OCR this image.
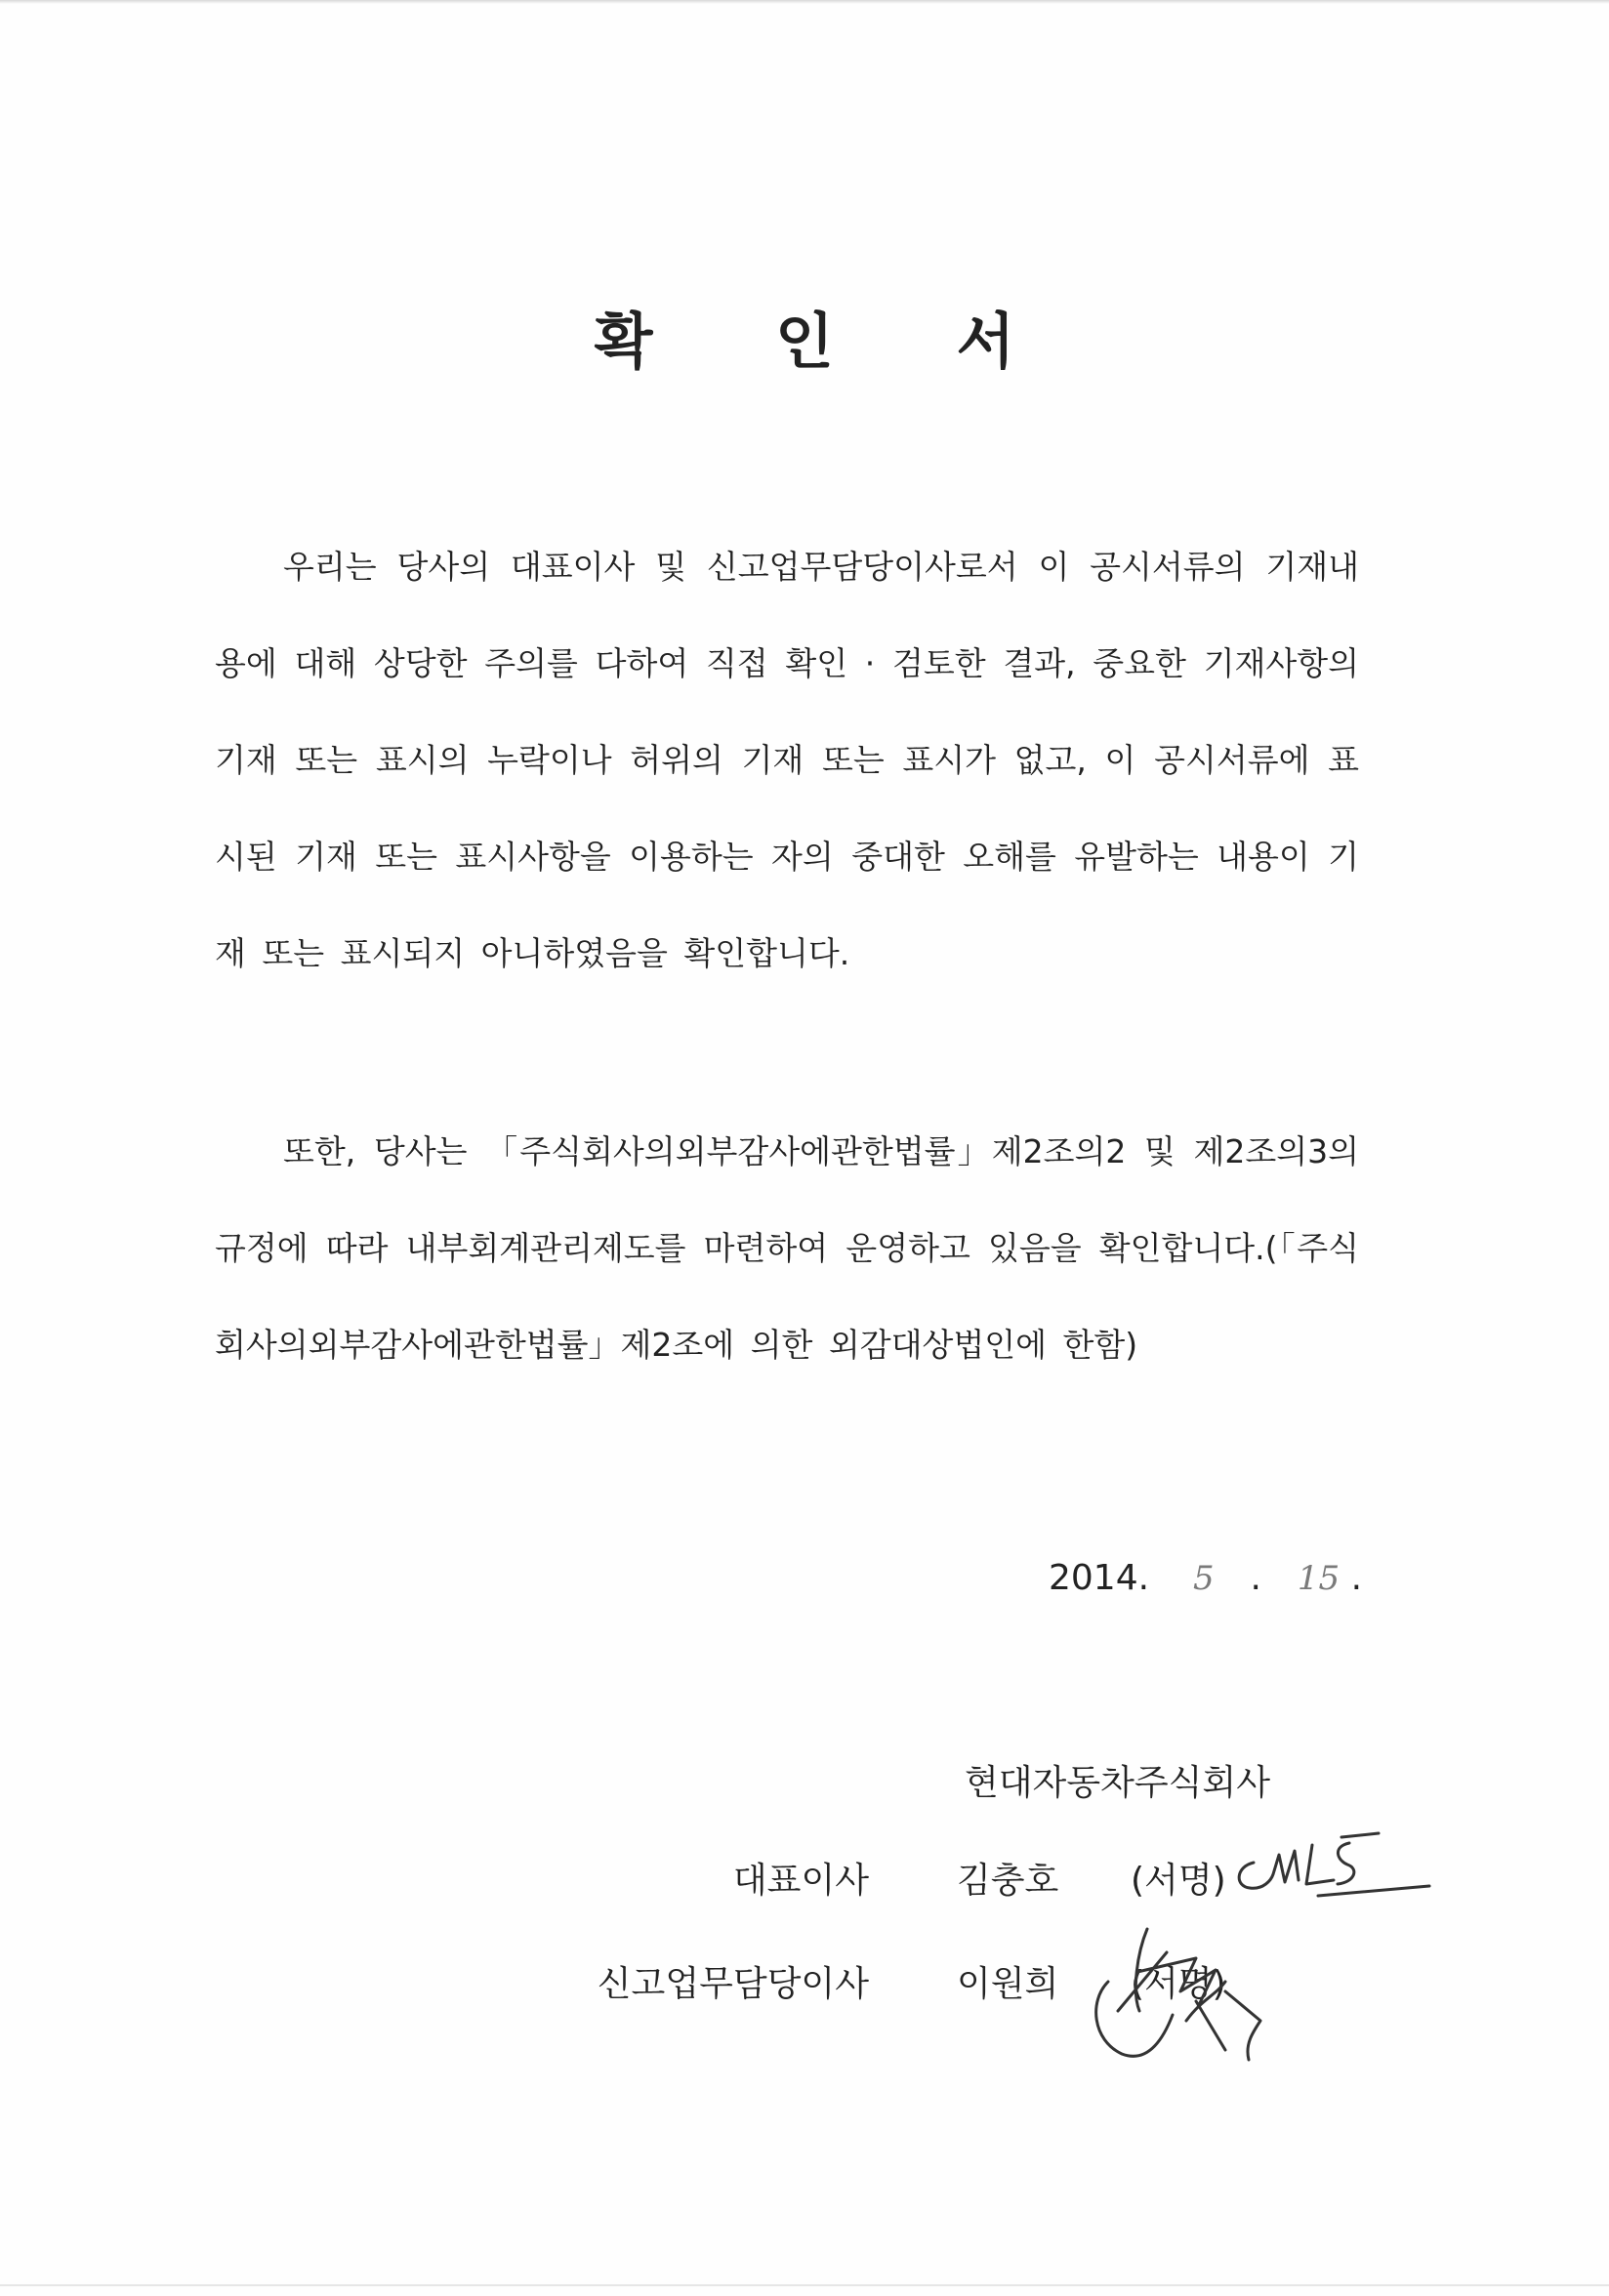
확 인 서
우리는 당사의 대표이사 및 신고업무담당이사로서 이 공시서류의 기재내용에 대해 상당한 주의를 다하여 직접 확인 · 검토한 결과, 중요한 기재사항의 기재 또는 표시의 누락이나 허위의 기재 또는 표시가 없고, 이 공시서류에 표시된 기재 또는 표시사항을 이용하는 자의 중대한 오해를 유발하는 내용이 기재 또는 표시되지 아니하였음을 확인합니다.
또한, 당사는 「주식회사의외부감사에관한법률」제2조의2 및 제2조의3의 규정에 따라 내부회계관리제도를 마련하여 운영하고 있음을 확인합니다.(「주식회사의외부감사에관한법률」제2조에 의한 외감대상법인에 한함)
2014. 5 . 15 .
현대자동차주식회사
대표이사	김충호 (서명)
신고업무담당이사	이원희 (서명)
